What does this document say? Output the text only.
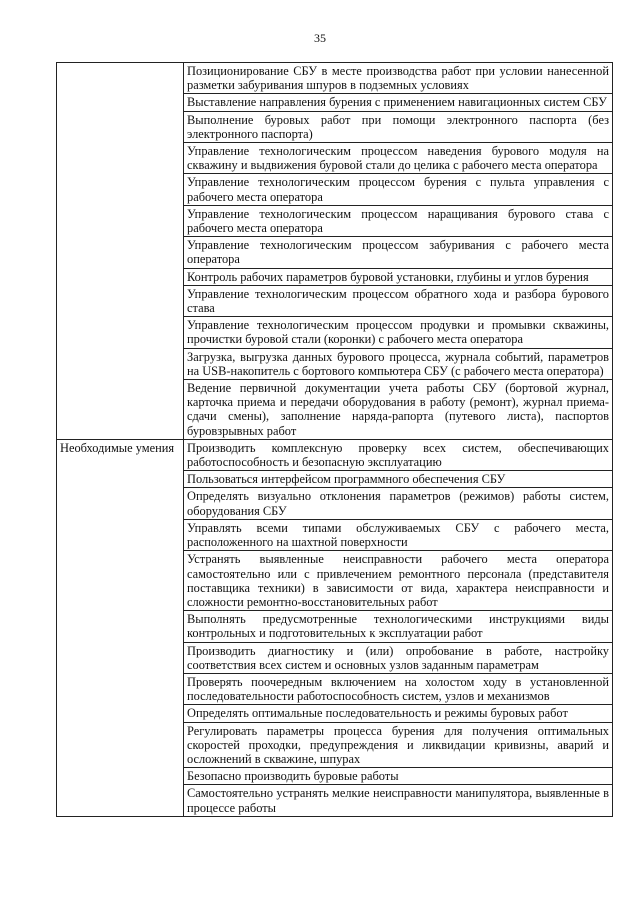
35
	Позиционирование СБУ в месте производства работ при условии нанесенной разметки забуривания шпуров в подземных условиях
	Выставление направления бурения с применением навигационных систем СБУ
	Выполнение буровых работ при помощи электронного паспорта (без электронного паспорта)
	Управление технологическим процессом наведения бурового модуля на скважину и выдвижения буровой стали до целика с рабочего места оператора
	Управление технологическим процессом бурения с пульта управления с рабочего места оператора
	Управление технологическим процессом наращивания бурового става с рабочего места оператора
	Управление технологическим процессом забуривания с рабочего места оператора
	Контроль рабочих параметров буровой установки, глубины и углов бурения
	Управление технологическим процессом обратного хода и разбора бурового става
	Управление технологическим процессом продувки и промывки скважины, прочистки буровой стали (коронки) с рабочего места оператора
	Загрузка, выгрузка данных бурового процесса, журнала событий, параметров на USB-накопитель с бортового компьютера СБУ (с рабочего места оператора)
	Ведение первичной документации учета работы СБУ (бортовой журнал, карточка приема и передачи оборудования в работу (ремонт), журнал приема-сдачи смены), заполнение наряда-рапорта (путевого листа), паспортов буровзрывных работ
Необходимые умения	Производить комплексную проверку всех систем, обеспечивающих работоспособность и безопасную эксплуатацию
	Пользоваться интерфейсом программного обеспечения СБУ
	Определять визуально отклонения параметров (режимов) работы систем, оборудования СБУ
	Управлять всеми типами обслуживаемых СБУ с рабочего места, расположенного на шахтной поверхности
	Устранять выявленные неисправности рабочего места оператора самостоятельно или с привлечением ремонтного персонала (представителя поставщика техники) в зависимости от вида, характера неисправности и сложности ремонтно-восстановительных работ
	Выполнять предусмотренные технологическими инструкциями виды контрольных и подготовительных к эксплуатации работ
	Производить диагностику и (или) опробование в работе, настройку соответствия всех систем и основных узлов заданным параметрам
	Проверять поочередным включением на холостом ходу в установленной последовательности работоспособность систем, узлов и механизмов
	Определять оптимальные последовательность и режимы буровых работ
	Регулировать параметры процесса бурения для получения оптимальных скоростей проходки, предупреждения и ликвидации кривизны, аварий и осложнений в скважине, шпурах
	Безопасно производить буровые работы
	Самостоятельно устранять мелкие неисправности манипулятора, выявленные в процессе работы
